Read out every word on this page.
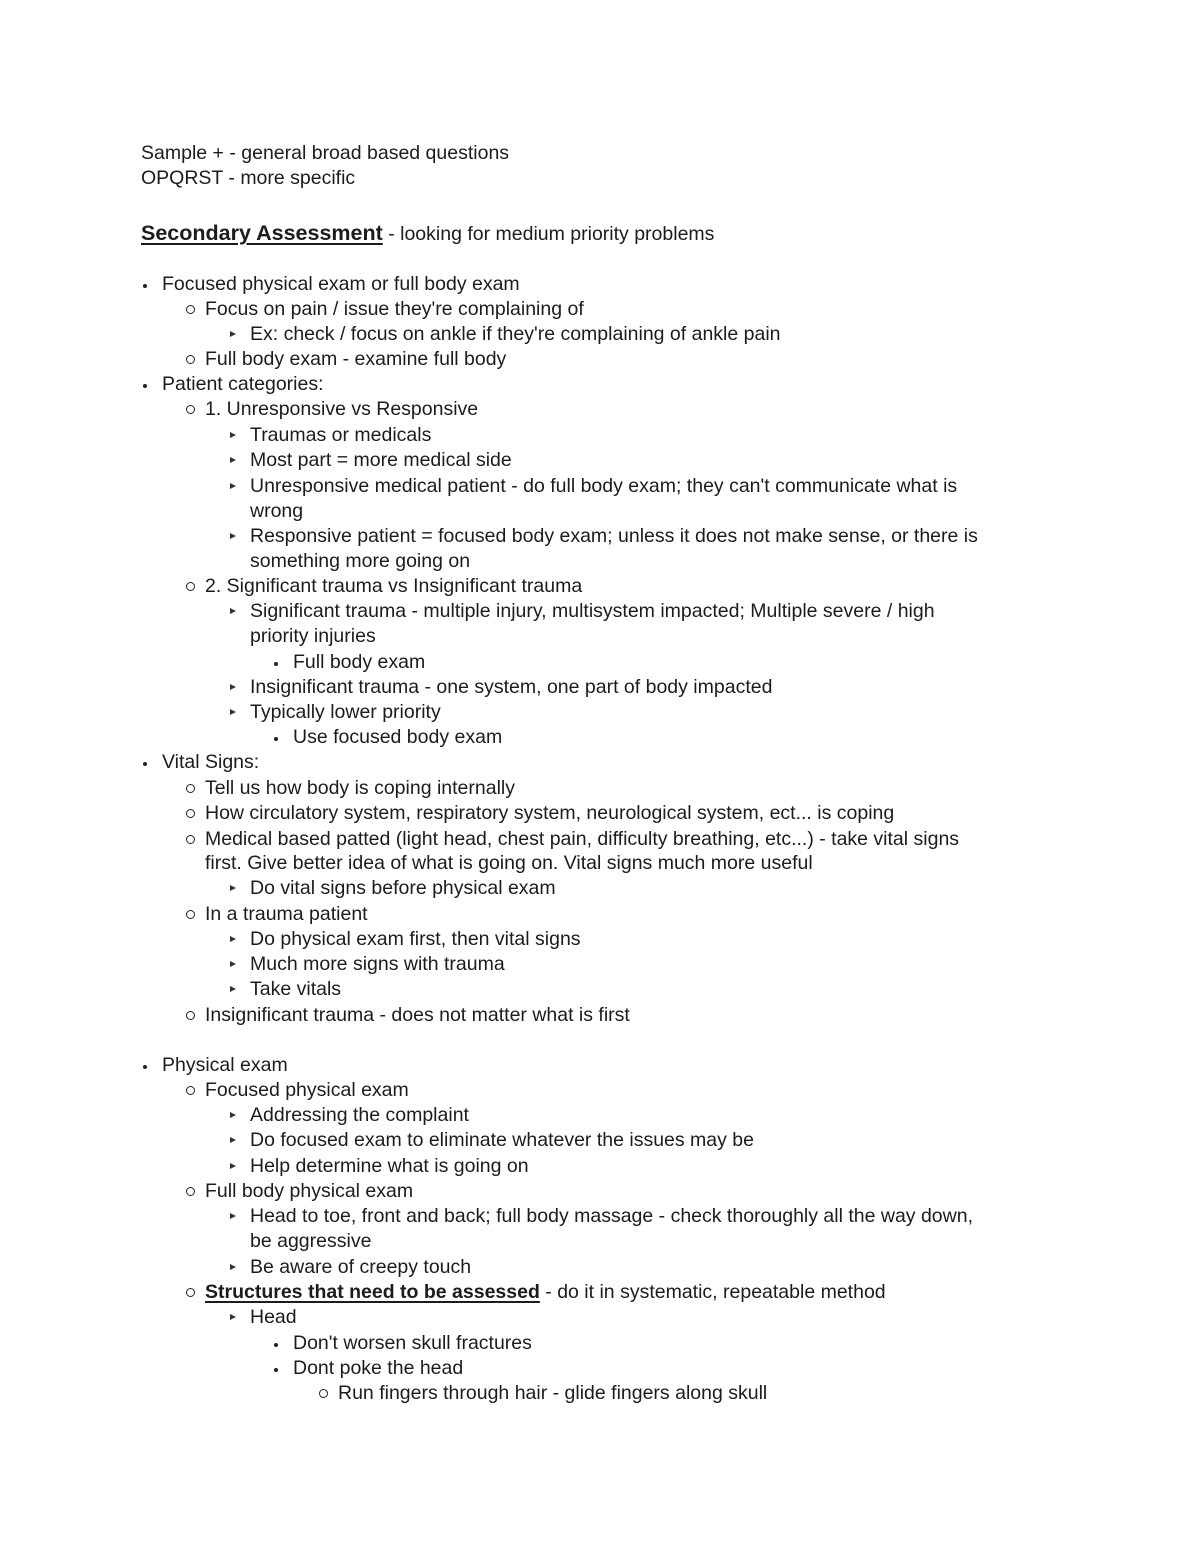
Sample + - general broad based questions
OPQRST - more specific
Secondary Assessment - looking for medium priority problems
Focused physical exam or full body exam
Focus on pain / issue they're complaining of
Ex: check / focus on ankle if they're complaining of ankle pain
Full body exam - examine full body
Patient categories:
1. Unresponsive vs Responsive
Traumas or medicals
Most part = more medical side
Unresponsive medical patient - do full body exam; they can't communicate what is
wrong
Responsive patient = focused body exam; unless it does not make sense, or there is
something more going on
2. Significant trauma vs Insignificant trauma
Significant trauma - multiple injury, multisystem impacted; Multiple severe / high
priority injuries
Full body exam
Insignificant trauma - one system, one part of body impacted
Typically lower priority
Use focused body exam
Vital Signs:
Tell us how body is coping internally
How circulatory system, respiratory system, neurological system, ect... is coping
Medical based patted (light head, chest pain, difficulty breathing, etc...) - take vital signs
first. Give better idea of what is going on. Vital signs much more useful
Do vital signs before physical exam
In a trauma patient
Do physical exam first, then vital signs
Much more signs with trauma
Take vitals
Insignificant trauma - does not matter what is first
Physical exam
Focused physical exam
Addressing the complaint
Do focused exam to eliminate whatever the issues may be
Help determine what is going on
Full body physical exam
Head to toe, front and back; full body massage - check thoroughly all the way down,
be aggressive
Be aware of creepy touch
Structures that need to be assessed - do it in systematic, repeatable method
Head
Don't worsen skull fractures
Dont poke the head
Run fingers through hair - glide fingers along skull
